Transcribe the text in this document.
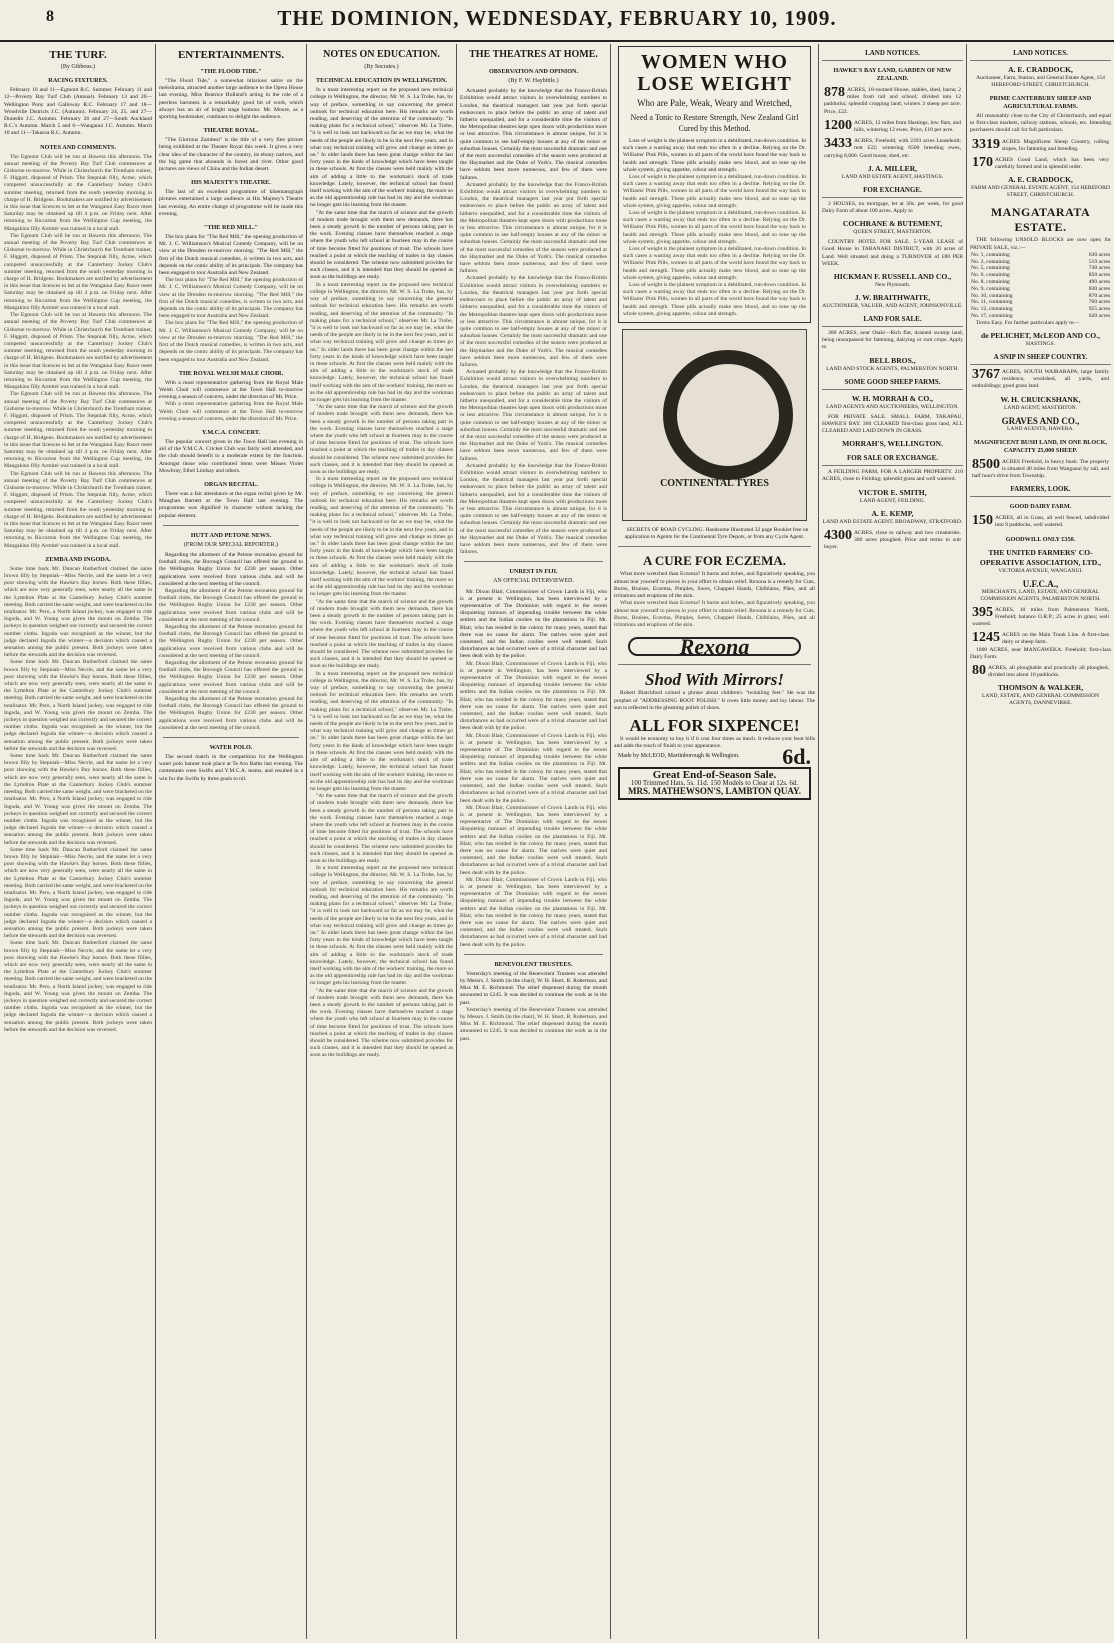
8	THE DOMINION, WEDNESDAY, FEBRUARY 10, 1909.
THE TURF.
(By Gibbous.)
RACING FIXTURES.

February 10 and 11—Egmont R.C. Summer. February 11 and 12—Poverty Bay Turf Club (Annual). February 13 and 20—Wellington Pony and Galloway R.C. February 17 and 18—Woodville Districts J.C. (Autumn). February 24, 25, and 27—Dunedin J.C. Autumn. February 26 and 27—South Auckland R.C.'s Autumn. March 5 and 6—Wanganui J.C. Autumn. March 10 and 11—Takaroa R.C. Autumn.

NOTES AND COMMENTS.

The Egmont Club will be run at Hawera this afternoon. The annual meeting of the Poverty Bay Turf Club commences at Gisborne to-morrow. While in Christchurch the Trentham trainer, F. Higgott, disposed of Prism. The Stepniak filly, Acme, which competed unsuccessfully at the Canterbury Jockey Club's summer meeting, returned from the south yesterday morning in charge of H. Bridgens. Bookmakers are notified by advertisement in this issue that licences to bet at the Wanganui Easy Racer meet Saturday may be obtained up till 4 p.m. on Friday next. After returning to Riccarton from the Wellington Cup meeting, the Mangakino filly Armitel was trained in a local stall.

The Egmont Club will be run at Hawera this afternoon. The annual meeting of the Poverty Bay Turf Club commences at Gisborne to-morrow. While in Christchurch the Trentham trainer, F. Higgott, disposed of Prism. The Stepniak filly, Acme, which competed unsuccessfully at the Canterbury Jockey Club's summer meeting, returned from the south yesterday morning in charge of H. Bridgens. Bookmakers are notified by advertisement in this issue that licences to bet at the Wanganui Easy Racer meet Saturday may be obtained up till 4 p.m. on Friday next. After returning to Riccarton from the Wellington Cup meeting, the Mangakino filly Armitel was trained in a local stall.

The Egmont Club will be run at Hawera this afternoon. The annual meeting of the Poverty Bay Turf Club commences at Gisborne to-morrow. While in Christchurch the Trentham trainer, F. Higgott, disposed of Prism. The Stepniak filly, Acme, which competed unsuccessfully at the Canterbury Jockey Club's summer meeting, returned from the south yesterday morning in charge of H. Bridgens. Bookmakers are notified by advertisement in this issue that licences to bet at the Wanganui Easy Racer meet Saturday may be obtained up till 4 p.m. on Friday next. After returning to Riccarton from the Wellington Cup meeting, the Mangakino filly Armitel was trained in a local stall.

The Egmont Club will be run at Hawera this afternoon. The annual meeting of the Poverty Bay Turf Club commences at Gisborne to-morrow. While in Christchurch the Trentham trainer, F. Higgott, disposed of Prism. The Stepniak filly, Acme, which competed unsuccessfully at the Canterbury Jockey Club's summer meeting, returned from the south yesterday morning in charge of H. Bridgens. Bookmakers are notified by advertisement in this issue that licences to bet at the Wanganui Easy Racer meet Saturday may be obtained up till 4 p.m. on Friday next. After returning to Riccarton from the Wellington Cup meeting, the Mangakino filly Armitel was trained in a local stall.

The Egmont Club will be run at Hawera this afternoon. The annual meeting of the Poverty Bay Turf Club commences at Gisborne to-morrow. While in Christchurch the Trentham trainer, F. Higgott, disposed of Prism. The Stepniak filly, Acme, which competed unsuccessfully at the Canterbury Jockey Club's summer meeting, returned from the south yesterday morning in charge of H. Bridgens. Bookmakers are notified by advertisement in this issue that licences to bet at the Wanganui Easy Racer meet Saturday may be obtained up till 4 p.m. on Friday next. After returning to Riccarton from the Wellington Cup meeting, the Mangakino filly Armitel was trained in a local stall.

ZEMBA AND INGODA.

Some time back Mr. Duncan Rutherford claimed the same brown filly by Stepniak—Miss Necrie, and the name let a very poor showing with the Hawke's Bay horses. Both these fillies, which are now very generally seen, were nearly all the same in the Lyttelton Plate at the Canterbury Jockey Club's summer meeting. Both carried the same weight, and were bracketed on the totalisator. Mr. Pero, a North Island jockey, was engaged to ride Ingoda, and W. Young was given the mount on Zemba. The jockeys in question weighed out correctly and secured the correct number cloths. Ingoda was recognised as the winner, but the judge declared Ingoda the winner—a decision which caused a sensation among the public present. Both jockeys were taken before the stewards and the decision was reversed.

Some time back Mr. Duncan Rutherford claimed the same brown filly by Stepniak—Miss Necrie, and the name let a very poor showing with the Hawke's Bay horses. Both these fillies, which are now very generally seen, were nearly all the same in the Lyttelton Plate at the Canterbury Jockey Club's summer meeting. Both carried the same weight, and were bracketed on the totalisator. Mr. Pero, a North Island jockey, was engaged to ride Ingoda, and W. Young was given the mount on Zemba. The jockeys in question weighed out correctly and secured the correct number cloths. Ingoda was recognised as the winner, but the judge declared Ingoda the winner—a decision which caused a sensation among the public present. Both jockeys were taken before the stewards and the decision was reversed.

Some time back Mr. Duncan Rutherford claimed the same brown filly by Stepniak—Miss Necrie, and the name let a very poor showing with the Hawke's Bay horses. Both these fillies, which are now very generally seen, were nearly all the same in the Lyttelton Plate at the Canterbury Jockey Club's summer meeting. Both carried the same weight, and were bracketed on the totalisator. Mr. Pero, a North Island jockey, was engaged to ride Ingoda, and W. Young was given the mount on Zemba. The jockeys in question weighed out correctly and secured the correct number cloths. Ingoda was recognised as the winner, but the judge declared Ingoda the winner—a decision which caused a sensation among the public present. Both jockeys were taken before the stewards and the decision was reversed.

Some time back Mr. Duncan Rutherford claimed the same brown filly by Stepniak—Miss Necrie, and the name let a very poor showing with the Hawke's Bay horses. Both these fillies, which are now very generally seen, were nearly all the same in the Lyttelton Plate at the Canterbury Jockey Club's summer meeting. Both carried the same weight, and were bracketed on the totalisator. Mr. Pero, a North Island jockey, was engaged to ride Ingoda, and W. Young was given the mount on Zemba. The jockeys in question weighed out correctly and secured the correct number cloths. Ingoda was recognised as the winner, but the judge declared Ingoda the winner—a decision which caused a sensation among the public present. Both jockeys were taken before the stewards and the decision was reversed.

Some time back Mr. Duncan Rutherford claimed the same brown filly by Stepniak—Miss Necrie, and the name let a very poor showing with the Hawke's Bay horses. Both these fillies, which are now very generally seen, were nearly all the same in the Lyttelton Plate at the Canterbury Jockey Club's summer meeting. Both carried the same weight, and were bracketed on the totalisator. Mr. Pero, a North Island jockey, was engaged to ride Ingoda, and W. Young was given the mount on Zemba. The jockeys in question weighed out correctly and secured the correct number cloths. Ingoda was recognised as the winner, but the judge declared Ingoda the winner—a decision which caused a sensation among the public present. Both jockeys were taken before the stewards and the decision was reversed.

ENTERTAINMENTS.
"THE FLOOD TIDE."

"The Flood Tide," a somewhat hilarious satire on the melodrama, attracted another large audience to the Opera House last evening. Miss Beatrice Holland's acting in the role of a peerless baroness is a remarkably good bit of work, which always has an air of bright stage humour. Mr. Moore, as a sporting bookmaker, continues to delight the audience.

THEATRE ROYAL.

"The Glorious Zambesi" is the title of a very fine picture being exhibited at the Theatre Royal this week. It gives a very clear idea of the character of the country, its ebony natives, and the big game that abounds in forest and river. Other good pictures are views of China and the Indian desert.

HIS MAJESTY'S THEATRE.

The last of an excellent programme of kinematograph pictures entertained a large audience at His Majesty's Theatre last evening. An entire change of programme will be made this evening.

"THE RED MILL."

The box plans for "The Red Mill," the opening production of Mr. J. C. Williamson's Musical Comedy Company, will be on view at the Dresden to-morrow morning. "The Red Mill," the first of the Dutch musical comedies, is written in two acts, and depends on the comic ability of its principals. The company has been engaged to tour Australia and New Zealand.

The box plans for "The Red Mill," the opening production of Mr. J. C. Williamson's Musical Comedy Company, will be on view at the Dresden to-morrow morning. "The Red Mill," the first of the Dutch musical comedies, is written in two acts, and depends on the comic ability of its principals. The company has been engaged to tour Australia and New Zealand.

The box plans for "The Red Mill," the opening production of Mr. J. C. Williamson's Musical Comedy Company, will be on view at the Dresden to-morrow morning. "The Red Mill," the first of the Dutch musical comedies, is written in two acts, and depends on the comic ability of its principals. The company has been engaged to tour Australia and New Zealand.

THE ROYAL WELSH MALE CHOIR.

With a most representative gathering from the Royal Male Welsh Choir will commence at the Town Hall to-morrow evening a season of concerts, under the direction of Mr. Price.

With a most representative gathering from the Royal Male Welsh Choir will commence at the Town Hall to-morrow evening a season of concerts, under the direction of Mr. Price.

Y.M.C.A. CONCERT.

The popular concert given in the Town Hall last evening in aid of the Y.M.C.A. Cricket Club was fairly well attended, and the club should benefit to a moderate extent by the function. Amongst those who contributed items were Misses Violet Mowbray, Ethel Lindsay and others.

ORGAN RECITAL.

There was a fair attendance at the organ recital given by Mr. Maughan Barnett at the Town Hall last evening. The programme was dignified in character without lacking the popular element.

HUTT AND PETONE NEWS.
(FROM OUR SPECIAL REPORTER.)

Regarding the allotment of the Petone recreation ground for football clubs, the Borough Council has offered the ground to the Wellington Rugby Union for £230 per season. Other applications were received from various clubs and will be considered at the next meeting of the council.

Regarding the allotment of the Petone recreation ground for football clubs, the Borough Council has offered the ground to the Wellington Rugby Union for £230 per season. Other applications were received from various clubs and will be considered at the next meeting of the council.

Regarding the allotment of the Petone recreation ground for football clubs, the Borough Council has offered the ground to the Wellington Rugby Union for £230 per season. Other applications were received from various clubs and will be considered at the next meeting of the council.

Regarding the allotment of the Petone recreation ground for football clubs, the Borough Council has offered the ground to the Wellington Rugby Union for £230 per season. Other applications were received from various clubs and will be considered at the next meeting of the council.

Regarding the allotment of the Petone recreation ground for football clubs, the Borough Council has offered the ground to the Wellington Rugby Union for £230 per season. Other applications were received from various clubs and will be considered at the next meeting of the council.

WATER POLO.

The second match in the competition for the Wellington water polo banner took place at Te Aro Baths last evening. The contestants were Swifts and Y.M.C.A. teams, and resulted in a win for the Swifts by three goals to nil.

NOTES ON EDUCATION.
(By Socrates.)
TECHNICAL EDUCATION IN WELLINGTON.

In a most interesting report on the proposed new technical college in Wellington, the director, Mr. W. S. La Trobe, has, by way of preface, something to say concerning the general outlook for technical education here. His remarks are worth reading, and deserving of the attention of the community. "In making plans for a technical school," observes Mr. La Trobe, "it is well to look not backward so far as we may be, what the needs of the people are likely to be in the next few years, and in what way technical training will grow and change as times go on." In older lands there has been great change within the last forty years in the kinds of knowledge which have been taught in these schools. At first the classes were held mainly with the aim of adding a little to the workman's stock of trade knowledge. Lately, however, the technical school has found itself working with the aim of the workers' training, the more so as the old apprenticeship rule has had its day and the workman no longer gets his learning from the master.

"At the same time that the march of science and the growth of modern trade brought with them new demands, there has been a steady growth in the number of persons taking part in the work. Evening classes have themselves reached a stage where the youth who left school at fourteen may in the course of time become fitted for positions of trust. The schools have reached a point at which the teaching of trades in day classes should be considered. The scheme now submitted provides for such classes, and it is intended that they should be opened as soon as the buildings are ready.

In a most interesting report on the proposed new technical college in Wellington, the director, Mr. W. S. La Trobe, has, by way of preface, something to say concerning the general outlook for technical education here. His remarks are worth reading, and deserving of the attention of the community. "In making plans for a technical school," observes Mr. La Trobe, "it is well to look not backward so far as we may be, what the needs of the people are likely to be in the next few years, and in what way technical training will grow and change as times go on." In older lands there has been great change within the last forty years in the kinds of knowledge which have been taught in these schools. At first the classes were held mainly with the aim of adding a little to the workman's stock of trade knowledge. Lately, however, the technical school has found itself working with the aim of the workers' training, the more so as the old apprenticeship rule has had its day and the workman no longer gets his learning from the master.

"At the same time that the march of science and the growth of modern trade brought with them new demands, there has been a steady growth in the number of persons taking part in the work. Evening classes have themselves reached a stage where the youth who left school at fourteen may in the course of time become fitted for positions of trust. The schools have reached a point at which the teaching of trades in day classes should be considered. The scheme now submitted provides for such classes, and it is intended that they should be opened as soon as the buildings are ready.

In a most interesting report on the proposed new technical college in Wellington, the director, Mr. W. S. La Trobe, has, by way of preface, something to say concerning the general outlook for technical education here. His remarks are worth reading, and deserving of the attention of the community. "In making plans for a technical school," observes Mr. La Trobe, "it is well to look not backward so far as we may be, what the needs of the people are likely to be in the next few years, and in what way technical training will grow and change as times go on." In older lands there has been great change within the last forty years in the kinds of knowledge which have been taught in these schools. At first the classes were held mainly with the aim of adding a little to the workman's stock of trade knowledge. Lately, however, the technical school has found itself working with the aim of the workers' training, the more so as the old apprenticeship rule has had its day and the workman no longer gets his learning from the master.

"At the same time that the march of science and the growth of modern trade brought with them new demands, there has been a steady growth in the number of persons taking part in the work. Evening classes have themselves reached a stage where the youth who left school at fourteen may in the course of time become fitted for positions of trust. The schools have reached a point at which the teaching of trades in day classes should be considered. The scheme now submitted provides for such classes, and it is intended that they should be opened as soon as the buildings are ready.

In a most interesting report on the proposed new technical college in Wellington, the director, Mr. W. S. La Trobe, has, by way of preface, something to say concerning the general outlook for technical education here. His remarks are worth reading, and deserving of the attention of the community. "In making plans for a technical school," observes Mr. La Trobe, "it is well to look not backward so far as we may be, what the needs of the people are likely to be in the next few years, and in what way technical training will grow and change as times go on." In older lands there has been great change within the last forty years in the kinds of knowledge which have been taught in these schools. At first the classes were held mainly with the aim of adding a little to the workman's stock of trade knowledge. Lately, however, the technical school has found itself working with the aim of the workers' training, the more so as the old apprenticeship rule has had its day and the workman no longer gets his learning from the master.

"At the same time that the march of science and the growth of modern trade brought with them new demands, there has been a steady growth in the number of persons taking part in the work. Evening classes have themselves reached a stage where the youth who left school at fourteen may in the course of time become fitted for positions of trust. The schools have reached a point at which the teaching of trades in day classes should be considered. The scheme now submitted provides for such classes, and it is intended that they should be opened as soon as the buildings are ready.

In a most interesting report on the proposed new technical college in Wellington, the director, Mr. W. S. La Trobe, has, by way of preface, something to say concerning the general outlook for technical education here. His remarks are worth reading, and deserving of the attention of the community. "In making plans for a technical school," observes Mr. La Trobe, "it is well to look not backward so far as we may be, what the needs of the people are likely to be in the next few years, and in what way technical training will grow and change as times go on." In older lands there has been great change within the last forty years in the kinds of knowledge which have been taught in these schools. At first the classes were held mainly with the aim of adding a little to the workman's stock of trade knowledge. Lately, however, the technical school has found itself working with the aim of the workers' training, the more so as the old apprenticeship rule has had its day and the workman no longer gets his learning from the master.

"At the same time that the march of science and the growth of modern trade brought with them new demands, there has been a steady growth in the number of persons taking part in the work. Evening classes have themselves reached a stage where the youth who left school at fourteen may in the course of time become fitted for positions of trust. The schools have reached a point at which the teaching of trades in day classes should be considered. The scheme now submitted provides for such classes, and it is intended that they should be opened as soon as the buildings are ready.

THE THEATRES AT HOME.
OBSERVATION AND OPINION.
(By F. W. Haybittle.)

Actuated probably by the knowledge that the Franco-British Exhibition would attract visitors in overwhelming numbers to London, the theatrical managers last year put forth special endeavours to place before the public an array of talent and hitherto unequalled, and for a considerable time the visitors of the Metropolitan theatres kept open doors with productions more or less attractive. This circumstance is almost unique, for it is quite common to see half-empty houses at any of the minor or suburban houses. Certainly the most successful dramatic and one of the most successful comedies of the season were produced at the Haymarket and the Duke of York's. The musical comedies have seldom been more numerous, and few of them were failures.

Actuated probably by the knowledge that the Franco-British Exhibition would attract visitors in overwhelming numbers to London, the theatrical managers last year put forth special endeavours to place before the public an array of talent and hitherto unequalled, and for a considerable time the visitors of the Metropolitan theatres kept open doors with productions more or less attractive. This circumstance is almost unique, for it is quite common to see half-empty houses at any of the minor or suburban houses. Certainly the most successful dramatic and one of the most successful comedies of the season were produced at the Haymarket and the Duke of York's. The musical comedies have seldom been more numerous, and few of them were failures.

Actuated probably by the knowledge that the Franco-British Exhibition would attract visitors in overwhelming numbers to London, the theatrical managers last year put forth special endeavours to place before the public an array of talent and hitherto unequalled, and for a considerable time the visitors of the Metropolitan theatres kept open doors with productions more or less attractive. This circumstance is almost unique, for it is quite common to see half-empty houses at any of the minor or suburban houses. Certainly the most successful dramatic and one of the most successful comedies of the season were produced at the Haymarket and the Duke of York's. The musical comedies have seldom been more numerous, and few of them were failures.

Actuated probably by the knowledge that the Franco-British Exhibition would attract visitors in overwhelming numbers to London, the theatrical managers last year put forth special endeavours to place before the public an array of talent and hitherto unequalled, and for a considerable time the visitors of the Metropolitan theatres kept open doors with productions more or less attractive. This circumstance is almost unique, for it is quite common to see half-empty houses at any of the minor or suburban houses. Certainly the most successful dramatic and one of the most successful comedies of the season were produced at the Haymarket and the Duke of York's. The musical comedies have seldom been more numerous, and few of them were failures.

Actuated probably by the knowledge that the Franco-British Exhibition would attract visitors in overwhelming numbers to London, the theatrical managers last year put forth special endeavours to place before the public an array of talent and hitherto unequalled, and for a considerable time the visitors of the Metropolitan theatres kept open doors with productions more or less attractive. This circumstance is almost unique, for it is quite common to see half-empty houses at any of the minor or suburban houses. Certainly the most successful dramatic and one of the most successful comedies of the season were produced at the Haymarket and the Duke of York's. The musical comedies have seldom been more numerous, and few of them were failures.

UNREST IN FIJI.
AN OFFICIAL INTERVIEWED.

Mr. Dixon Blair, Commissioner of Crown Lands in Fiji, who is at present in Wellington, has been interviewed by a representative of The Dominion with regard to the recent disquieting rumours of impending trouble between the white settlers and the Indian coolies on the plantations in Fiji. Mr. Blair, who has resided in the colony for many years, stated that there was no cause for alarm. The natives were quiet and contented, and the Indian coolies were well treated. Such disturbances as had occurred were of a trivial character and had been dealt with by the police.

Mr. Dixon Blair, Commissioner of Crown Lands in Fiji, who is at present in Wellington, has been interviewed by a representative of The Dominion with regard to the recent disquieting rumours of impending trouble between the white settlers and the Indian coolies on the plantations in Fiji. Mr. Blair, who has resided in the colony for many years, stated that there was no cause for alarm. The natives were quiet and contented, and the Indian coolies were well treated. Such disturbances as had occurred were of a trivial character and had been dealt with by the police.

Mr. Dixon Blair, Commissioner of Crown Lands in Fiji, who is at present in Wellington, has been interviewed by a representative of The Dominion with regard to the recent disquieting rumours of impending trouble between the white settlers and the Indian coolies on the plantations in Fiji. Mr. Blair, who has resided in the colony for many years, stated that there was no cause for alarm. The natives were quiet and contented, and the Indian coolies were well treated. Such disturbances as had occurred were of a trivial character and had been dealt with by the police.

Mr. Dixon Blair, Commissioner of Crown Lands in Fiji, who is at present in Wellington, has been interviewed by a representative of The Dominion with regard to the recent disquieting rumours of impending trouble between the white settlers and the Indian coolies on the plantations in Fiji. Mr. Blair, who has resided in the colony for many years, stated that there was no cause for alarm. The natives were quiet and contented, and the Indian coolies were well treated. Such disturbances as had occurred were of a trivial character and had been dealt with by the police.

Mr. Dixon Blair, Commissioner of Crown Lands in Fiji, who is at present in Wellington, has been interviewed by a representative of The Dominion with regard to the recent disquieting rumours of impending trouble between the white settlers and the Indian coolies on the plantations in Fiji. Mr. Blair, who has resided in the colony for many years, stated that there was no cause for alarm. The natives were quiet and contented, and the Indian coolies were well treated. Such disturbances as had occurred were of a trivial character and had been dealt with by the police.

BENEVOLENT TRUSTEES.

Yesterday's meeting of the Benevolent Trustees was attended by Messrs. J. Smith (in the chair), W. H. Short, R. Robertson, and Miss M. E. Richmond. The relief dispensed during the month amounted to £245. It was decided to continue the work as in the past.

Yesterday's meeting of the Benevolent Trustees was attended by Messrs. J. Smith (in the chair), W. H. Short, R. Robertson, and Miss M. E. Richmond. The relief dispensed during the month amounted to £245. It was decided to continue the work as in the past.

WOMEN WHO LOSE WEIGHT
Who are Pale, Weak, Weary and Wretched,
Need a Tonic to Restore Strength, New Zealand Girl Cured by this Method.

Loss of weight is the plainest symptom in a debilitated, run-down condition. In such cases a wasting away that ends too often in a decline. Relying on the Dr. Williams' Pink Pills, women in all parts of the world have found the way back to health and strength. These pills actually make new blood, and so tone up the whole system, giving appetite, colour and strength.

Loss of weight is the plainest symptom in a debilitated, run-down condition. In such cases a wasting away that ends too often in a decline. Relying on the Dr. Williams' Pink Pills, women in all parts of the world have found the way back to health and strength. These pills actually make new blood, and so tone up the whole system, giving appetite, colour and strength.

Loss of weight is the plainest symptom in a debilitated, run-down condition. In such cases a wasting away that ends too often in a decline. Relying on the Dr. Williams' Pink Pills, women in all parts of the world have found the way back to health and strength. These pills actually make new blood, and so tone up the whole system, giving appetite, colour and strength.

Loss of weight is the plainest symptom in a debilitated, run-down condition. In such cases a wasting away that ends too often in a decline. Relying on the Dr. Williams' Pink Pills, women in all parts of the world have found the way back to health and strength. These pills actually make new blood, and so tone up the whole system, giving appetite, colour and strength.

Loss of weight is the plainest symptom in a debilitated, run-down condition. In such cases a wasting away that ends too often in a decline. Relying on the Dr. Williams' Pink Pills, women in all parts of the world have found the way back to health and strength. These pills actually make new blood, and so tone up the whole system, giving appetite, colour and strength.

CONTINENTAL TYRES

SECRETS OF ROAD CYCLING. Handsome Illustrated 32 page Booklet free on application to Agents for the Continental Tyre Depots, or from any Cycle Agent.

A CURE FOR ECZEMA.

What more wretched than Eczema? It burns and itches, and figuratively speaking, you almost tear yourself to pieces in your effort to obtain relief. Rexona is a remedy for Cuts, Burns, Bruises, Eczema, Pimples, Sores, Chapped Hands, Chilblains, Piles, and all irritations and eruptions of the skin.

What more wretched than Eczema? It burns and itches, and figuratively speaking, you almost tear yourself to pieces in your effort to obtain relief. Rexona is a remedy for Cuts, Burns, Bruises, Eczema, Pimples, Sores, Chapped Hands, Chilblains, Piles, and all irritations and eruptions of the skin.

Rexona
Shod With Mirrors!

Robert Blatchford coined a phrase about children's "twinkling feet." He was the prophet of "ADDRESSING BOOT POLISH." It owes little money and loy labour. The sun is reflected in the gleaming polish of shoes.

ALL FOR SIXPENCE!

It would be economy to buy it if it cost four times as much. It reduces your boot bills and adds the touch of finish to your appearance.

Made by McLEOD, Martinborough & Wellington.	6d.
Great End-of-Season Sale.
100 Trimmed Hats, 5s. 11d. 150 Models to Clear at 12s. 6d.
MRS. MATHEWSON'S, LAMBTON QUAY.
LAND NOTICES.
HAWKE'S BAY LAND, GARDEN OF NEW ZEALAND.
878 ACRES, 10-roomed House, stables, shed, barns; 2 miles from rail and school; divided into 12 paddocks; splendid cropping land; winters 3 sheep per acre. Price, £22.
1200 ACRES, 12 miles from Hastings, low flats, and hills, wintering 12 ewes. Price, £10 per acre.
3433 ACRES, Freehold, with 2393 acres Leasehold; rent £22; wintering 6500 breeding ewes, carrying 8,000. Good house, shed, etc.
J. A. MILLER,
LAND AND ESTATE AGENT, HASTINGS.
FOR EXCHANGE.

2 HOUSES, no mortgage, let at 30s. per week, for good Dairy Farm of about 100 acres. Apply to

COCHRANE & BUTEMENT,
QUEEN STREET, MASTERTON.

COUNTRY HOTEL FOR SALE. 5-YEAR LEASE of Good House in TARANAKI DISTRICT, with 20 acres of Land. Well situated and doing a TURNOVER of £80 PER WEEK.

HICKMAN F. RUSSELL AND CO.,
New Plymouth.
J. W. BRAITHWAITE,
AUCTIONEER, VALUER, AND AGENT, JOHNSONVILLE.
LAND FOR SALE.

300 ACRES, near Otaki—Rich flat, drained swamp land, being unsurpassed for fattening, dairying or root crops. Apply to

BELL BROS.,
LAND AND STOCK AGENTS, PALMERSTON NORTH.
SOME GOOD SHEEP FARMS.
W. H. MORRAH & CO.,
LAND AGENTS AND AUCTIONEERS, WELLINGTON.

FOR PRIVATE SALE. SMALL FARM, TAKAPAU, HAWKE'S BAY. 360 CLEARED first-class grass land, ALL CLEARED AND LAID DOWN IN GRASS.

MORRAH'S, WELLINGTON.
FOR SALE OR EXCHANGE.

A FEILDING FARM, FOR A LARGER PROPERTY. 210 ACRES, close to Feilding; splendid grass and well watered.

VICTOR E. SMITH,
LAND AGENT, FEILDING.
A. E. KEMP,
LAND AND ESTATE AGENT, BROADWAY, STRATFORD.
4300 ACRES, close to railway and two creameries. 300 acres ploughed. Price and terms to suit buyer.
LAND NOTICES.
A. E. CRADDOCK,
Auctioneer, Farm, Station, and General Estate Agent, 154 HEREFORD STREET, CHRISTCHURCH.
PRIME CANTERBURY SHEEP AND AGRICULTURAL FARMS.

All reasonably close to the City of Christchurch, and equal to first-class markets, railway stations, schools, etc. Intending purchasers should call for full particulars.

3319 ACRES Magnificent Sheep Country, rolling slopes, for fattening and breeding.
170 ACRES Good Land, which has been very carefully farmed and in splendid order.
A. E. CRADDOCK,
FARM AND GENERAL ESTATE AGENT, 154 HEREFORD STREET, CHRISTCHURCH.
MANGATARATA ESTATE.

THE following UNSOLD BLOCKS are now open for PRIVATE SALE, viz.:—

No. 1, containing	630 acres
No. 2, containing	519 acres
No. 5, containing	740 acres
No. 6, containing	850 acres
No. 8, containing	490 acres
No. 9, containing	830 acres
No. 10, containing	870 acres
No. 11, containing	760 acres
No. 12, containing	955 acres
No. 17, containing	620 acres

Terms Easy. For further particulars apply to—

de PELICHET, McLEOD AND CO.,
HASTINGS.
A SNIP IN SHEEP COUNTRY.
3767 ACRES, SOUTH WAIRARAPA; large family residence, woolshed, all yards, and outbuildings; good grass land.
W. H. CRUICKSHANK,
LAND AGENT, MASTERTON.
GRAVES AND CO.,
LAND AGENTS, HAWERA.
MAGNIFICENT BUSH LAND, IN ONE BLOCK, CAPACITY 25,000 SHEEP.
8500 ACRES Freehold, in heavy bush. The property is situated 40 miles from Wanganui by rail, and half hour's drive from Township.
FARMERS, LOOK.
GOOD DAIRY FARM.
150 ACRES, all in Grass, all well fenced, subdivided into 9 paddocks, well watered.
GOODWILL ONLY £350.
THE UNITED FARMERS' CO-OPERATIVE ASSOCIATION, LTD.,
VICTORIA AVENUE, WANGANUI.
U.F.C.A.,
MERCHANTS, LAND, ESTATE, AND GENERAL COMMISSION AGENTS, PALMERSTON NORTH.
395 ACRES, 10 miles from Palmerston North, Freehold; balance O.R.P.; 25 acres in grass; well watered.
1245 ACRES on the Main Trunk Line. A first-class dairy or sheep farm.

1000 ACRES, near MANGAWEKA: Freehold; first-class Dairy Farm.

80 ACRES, all ploughable and practically all ploughed, divided into about 10 paddocks.
THOMSON & WALKER,
LAND, ESTATE, AND GENERAL COMMISSION AGENTS, DANNEVIRKE.
